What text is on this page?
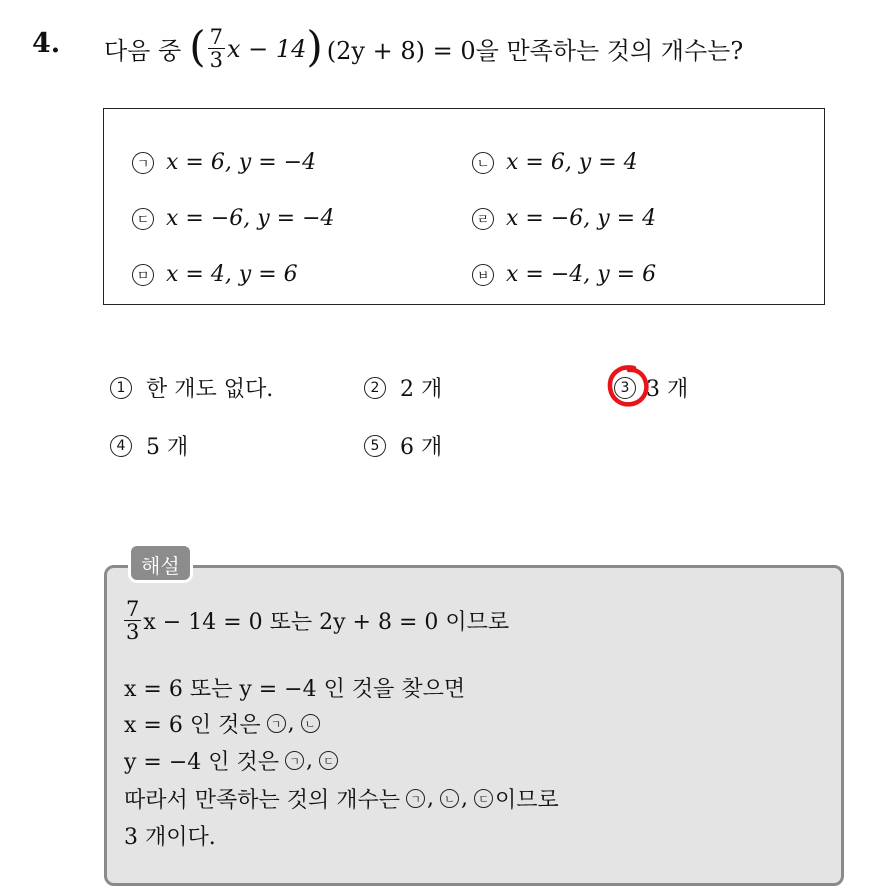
4. 다음 중 ( $\frac{7}{3}$ x − 14 ) (2y + 8) = 0을 만족하는 것의 개수는?
ㄱ x = 6, y = −4	ㄴ x = 6, y = 4
ㄷ x = −6, y = −4	ㄹ x = −6, y = 4
ㅁ x = 4, y = 6	ㅂ x = −4, y = 6
1 한 개도 없다.	2 2 개	3 3 개
4 5 개	5 6 개
해설
$\frac{7}{3}$ x − 14 = 0 또는 2y + 8 = 0 이므로
x = 6 또는 y = −4 인 것을 찾으면
x = 6 인 것은 ㄱ , ㄴ
y = −4 인 것은 ㄱ , ㄷ
따라서 만족하는 것의 개수는 ㄱ , ㄴ , ㄷ 이므로
3 개이다.
